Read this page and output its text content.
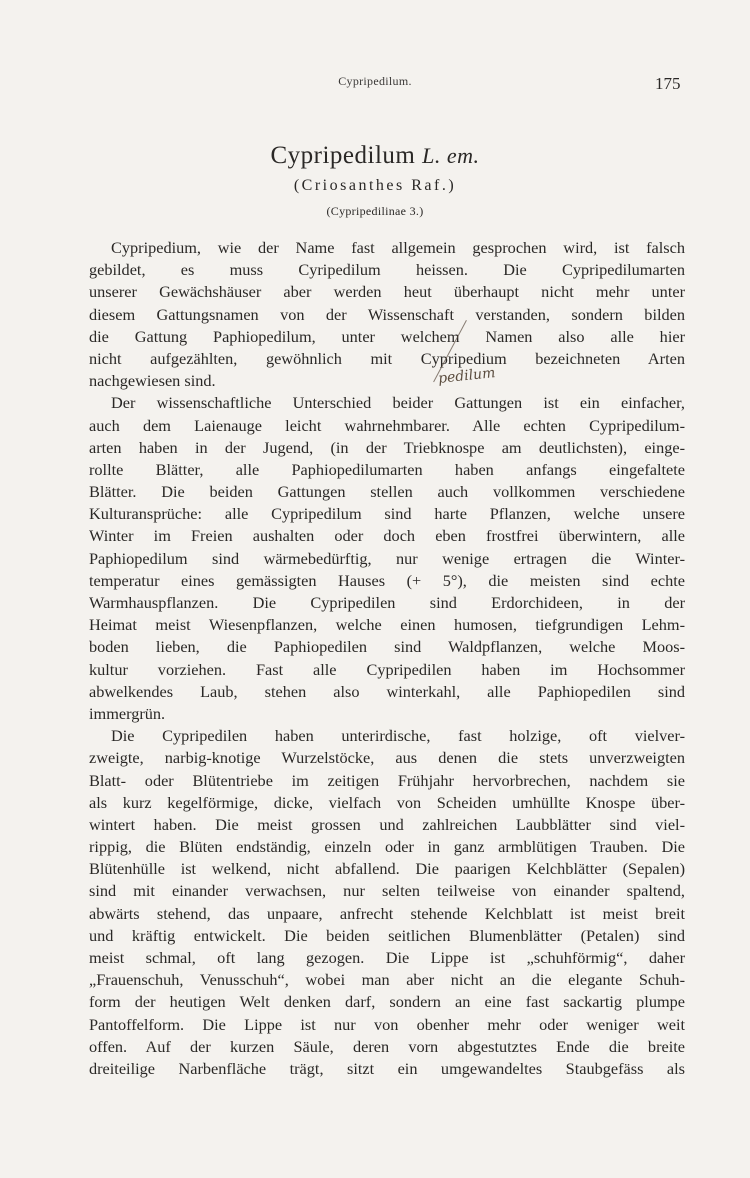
Cypripedilum.	175
Cypripedilum L. em.
(Criosanthes Raf.)
(Cypripedilinae 3.)
Cypripedium, wie der Name fast allgemein gesprochen wird, ist falsch
gebildet, es muss Cyripedilum heissen. Die Cypripedilumarten
unserer Gewächshäuser aber werden heut überhaupt nicht mehr unter
diesem Gattungsnamen von der Wissenschaft verstanden, sondern bilden
die Gattung Paphiopedilum, unter welchem Namen also alle hier
nicht aufgezählten, gewöhnlich mit Cypripedium bezeichneten Arten
nachgewiesen sind.
Der wissenschaftliche Unterschied beider Gattungen ist ein einfacher,
auch dem Laienauge leicht wahrnehmbarer. Alle echten Cypripedilum-
arten haben in der Jugend, (in der Triebknospe am deutlichsten), einge-
rollte Blätter, alle Paphiopedilumarten haben anfangs eingefaltete
Blätter. Die beiden Gattungen stellen auch vollkommen verschiedene
Kulturansprüche: alle Cypripedilum sind harte Pflanzen, welche unsere
Winter im Freien aushalten oder doch eben frostfrei überwintern, alle
Paphiopedilum sind wärmebedürftig, nur wenige ertragen die Winter-
temperatur eines gemässigten Hauses (+ 5°), die meisten sind echte
Warmhauspflanzen. Die Cypripedilen sind Erdorchideen, in der
Heimat meist Wiesenpflanzen, welche einen humosen, tiefgrundigen Lehm-
boden lieben, die Paphiopedilen sind Waldpflanzen, welche Moos-
kultur vorziehen. Fast alle Cypripedilen haben im Hochsommer
abwelkendes Laub, stehen also winterkahl, alle Paphiopedilen sind
immergrün.
Die Cypripedilen haben unterirdische, fast holzige, oft vielver-
zweigte, narbig-knotige Wurzelstöcke, aus denen die stets unverzweigten
Blatt- oder Blütentriebe im zeitigen Frühjahr hervorbrechen, nachdem sie
als kurz kegelförmige, dicke, vielfach von Scheiden umhüllte Knospe über-
wintert haben. Die meist grossen und zahlreichen Laubblätter sind viel-
rippig, die Blüten endständig, einzeln oder in ganz armblütigen Trauben. Die
Blütenhülle ist welkend, nicht abfallend. Die paarigen Kelchblätter (Sepalen)
sind mit einander verwachsen, nur selten teilweise von einander spaltend,
abwärts stehend, das unpaare, anfrecht stehende Kelchblatt ist meist breit
und kräftig entwickelt. Die beiden seitlichen Blumenblätter (Petalen) sind
meist schmal, oft lang gezogen. Die Lippe ist „schuhförmig“, daher
„Frauenschuh, Venusschuh“, wobei man aber nicht an die elegante Schuh-
form der heutigen Welt denken darf, sondern an eine fast sackartig plumpe
Pantoffelform. Die Lippe ist nur von obenher mehr oder weniger weit
offen. Auf der kurzen Säule, deren vorn abgestutztes Ende die breite
dreiteilige Narbenfläche trägt, sitzt ein umgewandeltes Staubgefäss als
pedilum
